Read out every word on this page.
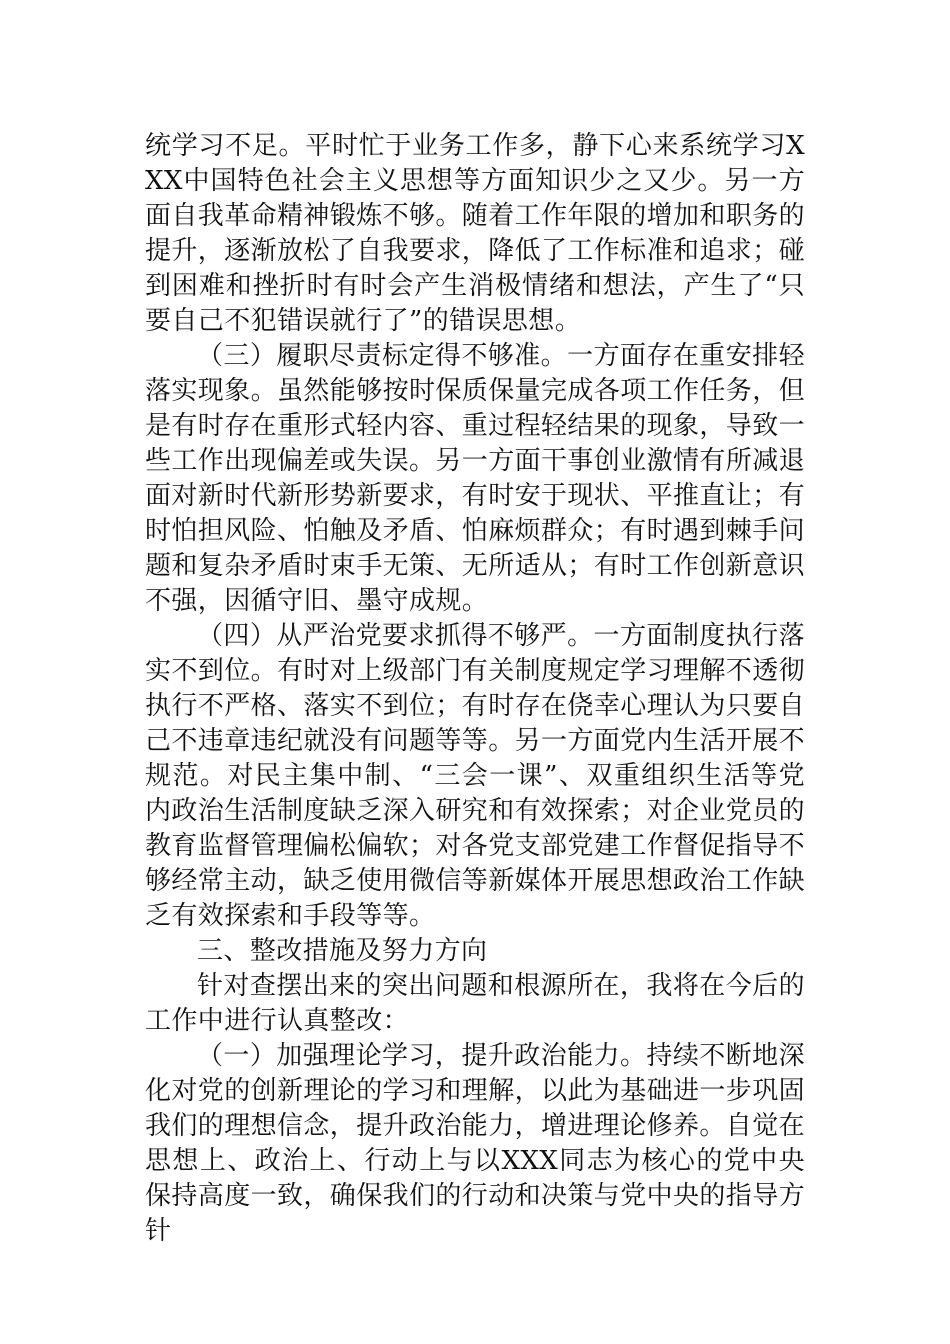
统学习不足。平时忙于业务工作多，静下心来系统学习XXX中国特色社会主义思想等方面知识少之又少。另一方面自我革命精神锻炼不够。随着工作年限的增加和职务的提升，逐渐放松了自我要求，降低了工作标准和追求；碰到困难和挫折时有时会产生消极情绪和想法，产生了“只要自己不犯错误就行了”的错误思想。

（三）履职尽责标定得不够准。一方面存在重安排轻落实现象。虽然能够按时保质保量完成各项工作任务，但是有时存在重形式轻内容、重过程轻结果的现象，导致一些工作出现偏差或失误。另一方面干事创业激情有所减退面对新时代新形势新要求，有时安于现状、平推直让；有时怕担风险、怕触及矛盾、怕麻烦群众；有时遇到棘手问题和复杂矛盾时束手无策、无所适从；有时工作创新意识不强，因循守旧、墨守成规。

（四）从严治党要求抓得不够严。一方面制度执行落实不到位。有时对上级部门有关制度规定学习理解不透彻执行不严格、落实不到位；有时存在侥幸心理认为只要自己不违章违纪就没有问题等等。另一方面党内生活开展不规范。对民主集中制、“三会一课”、双重组织生活等党内政治生活制度缺乏深入研究和有效探索；对企业党员的教育监督管理偏松偏软；对各党支部党建工作督促指导不够经常主动，缺乏使用微信等新媒体开展思想政治工作缺乏有效探索和手段等等。

三、整改措施及努力方向

针对查摆出来的突出问题和根源所在，我将在今后的工作中进行认真整改：

（一）加强理论学习，提升政治能力。持续不断地深化对党的创新理论的学习和理解，以此为基础进一步巩固我们的理想信念，提升政治能力，增进理论修养。自觉在思想上、政治上、行动上与以XXX同志为核心的党中央保持高度一致，确保我们的行动和决策与党中央的指导方针
